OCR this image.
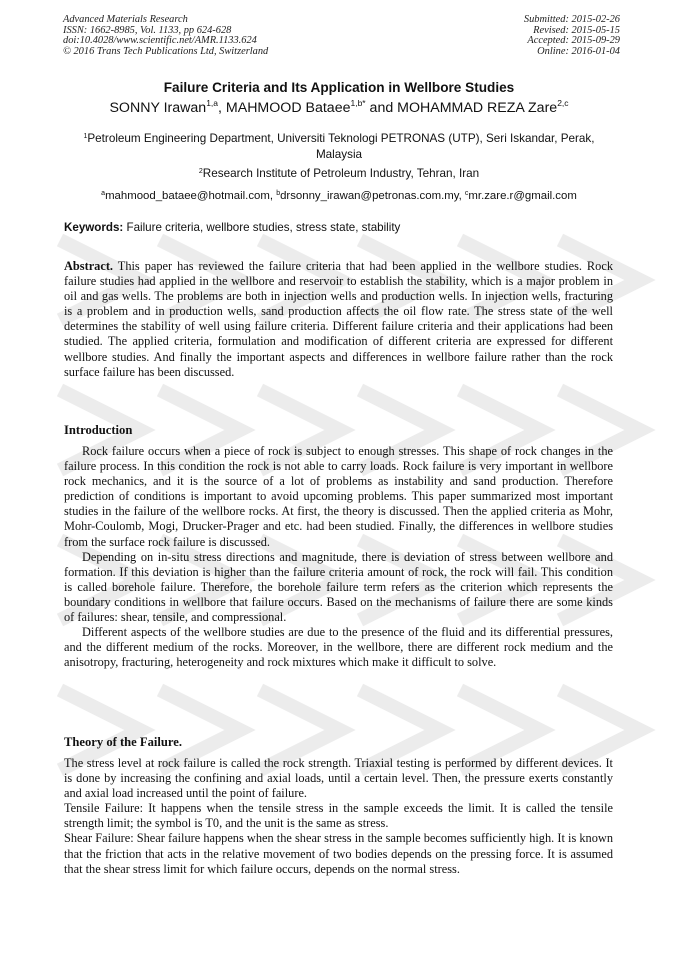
Advanced Materials Research
ISSN: 1662-8985, Vol. 1133, pp 624-628
doi:10.4028/www.scientific.net/AMR.1133.624
© 2016 Trans Tech Publications Ltd, Switzerland
Submitted: 2015-02-26
Revised: 2015-05-15
Accepted: 2015-09-29
Online: 2016-01-04
Failure Criteria and Its Application in Wellbore Studies
SONNY Irawan$^{1,a}$, MAHMOOD Bataee$^{1,b*}$ and MOHAMMAD REZA Zare$^{2,c}$
$^1$Petroleum Engineering Department, Universiti Teknologi PETRONAS (UTP), Seri Iskandar, Perak, Malaysia
$^2$Research Institute of Petroleum Industry, Tehran, Iran
$^a$mahmood_bataee@hotmail.com, $^b$drsonny_irawan@petronas.com.my, $^c$mr.zare.r@gmail.com
Keywords: Failure criteria, wellbore studies, stress state, stability
Abstract. This paper has reviewed the failure criteria that had been applied in the wellbore studies. Rock failure studies had applied in the wellbore and reservoir to establish the stability, which is a major problem in oil and gas wells. The problems are both in injection wells and production wells. In injection wells, fracturing is a problem and in production wells, sand production affects the oil flow rate. The stress state of the well determines the stability of well using failure criteria. Different failure criteria and their applications had been studied. The applied criteria, formulation and modification of different criteria are expressed for different wellbore studies. And finally the important aspects and differences in wellbore failure rather than the rock surface failure has been discussed.
Introduction

Rock failure occurs when a piece of rock is subject to enough stresses. This shape of rock changes in the failure process. In this condition the rock is not able to carry loads. Rock failure is very important in wellbore rock mechanics, and it is the source of a lot of problems as instability and sand production. Therefore prediction of conditions is important to avoid upcoming problems. This paper summarized most important studies in the failure of the wellbore rocks. At first, the theory is discussed. Then the applied criteria as Mohr, Mohr-Coulomb, Mogi, Drucker-Prager and etc. had been studied. Finally, the differences in wellbore studies from the surface rock failure is discussed.

Depending on in-situ stress directions and magnitude, there is deviation of stress between wellbore and formation. If this deviation is higher than the failure criteria amount of rock, the rock will fail. This condition is called borehole failure. Therefore, the borehole failure term refers as the criterion which represents the boundary conditions in wellbore that failure occurs. Based on the mechanisms of failure there are some kinds of failures: shear, tensile, and compressional.

Different aspects of the wellbore studies are due to the presence of the fluid and its differential pressures, and the different medium of the rocks. Moreover, in the wellbore, there are different rock medium and the anisotropy, fracturing, heterogeneity and rock mixtures which make it difficult to solve.

Theory of the Failure.

The stress level at rock failure is called the rock strength. Triaxial testing is performed by different devices. It is done by increasing the confining and axial loads, until a certain level. Then, the pressure exerts constantly and axial load increased until the point of failure.

Tensile Failure: It happens when the tensile stress in the sample exceeds the limit. It is called the tensile strength limit; the symbol is T0, and the unit is the same as stress.

Shear Failure: Shear failure happens when the shear stress in the sample becomes sufficiently high. It is known that the friction that acts in the relative movement of two bodies depends on the pressing force. It is assumed that the shear stress limit for which failure occurs, depends on the normal stress.
